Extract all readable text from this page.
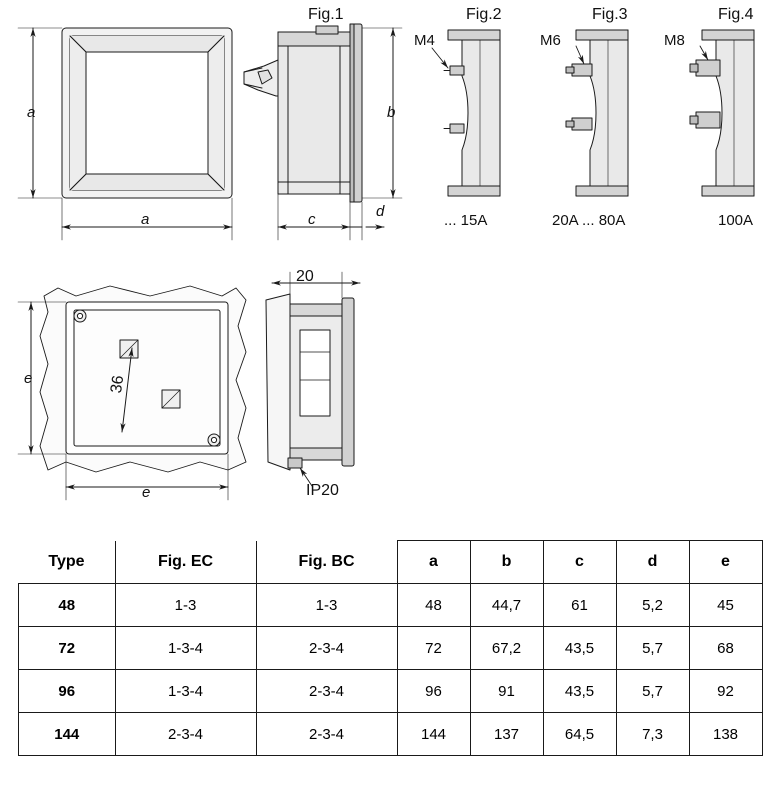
a
a
b
c	d
Fig.1	Fig.2	Fig.3	Fig.4
M4	M6	M8
... 15A	20A ... 80A	100A
e
e
20
36
IP20
Type	Fig. EC	Fig. BC	a	b	c	d	e
48	1-3	1-3	48	44,7	61	5,2	45
72	1-3-4	2-3-4	72	67,2	43,5	5,7	68
96	1-3-4	2-3-4	96	91	43,5	5,7	92
144	2-3-4	2-3-4	144	137	64,5	7,3	138
